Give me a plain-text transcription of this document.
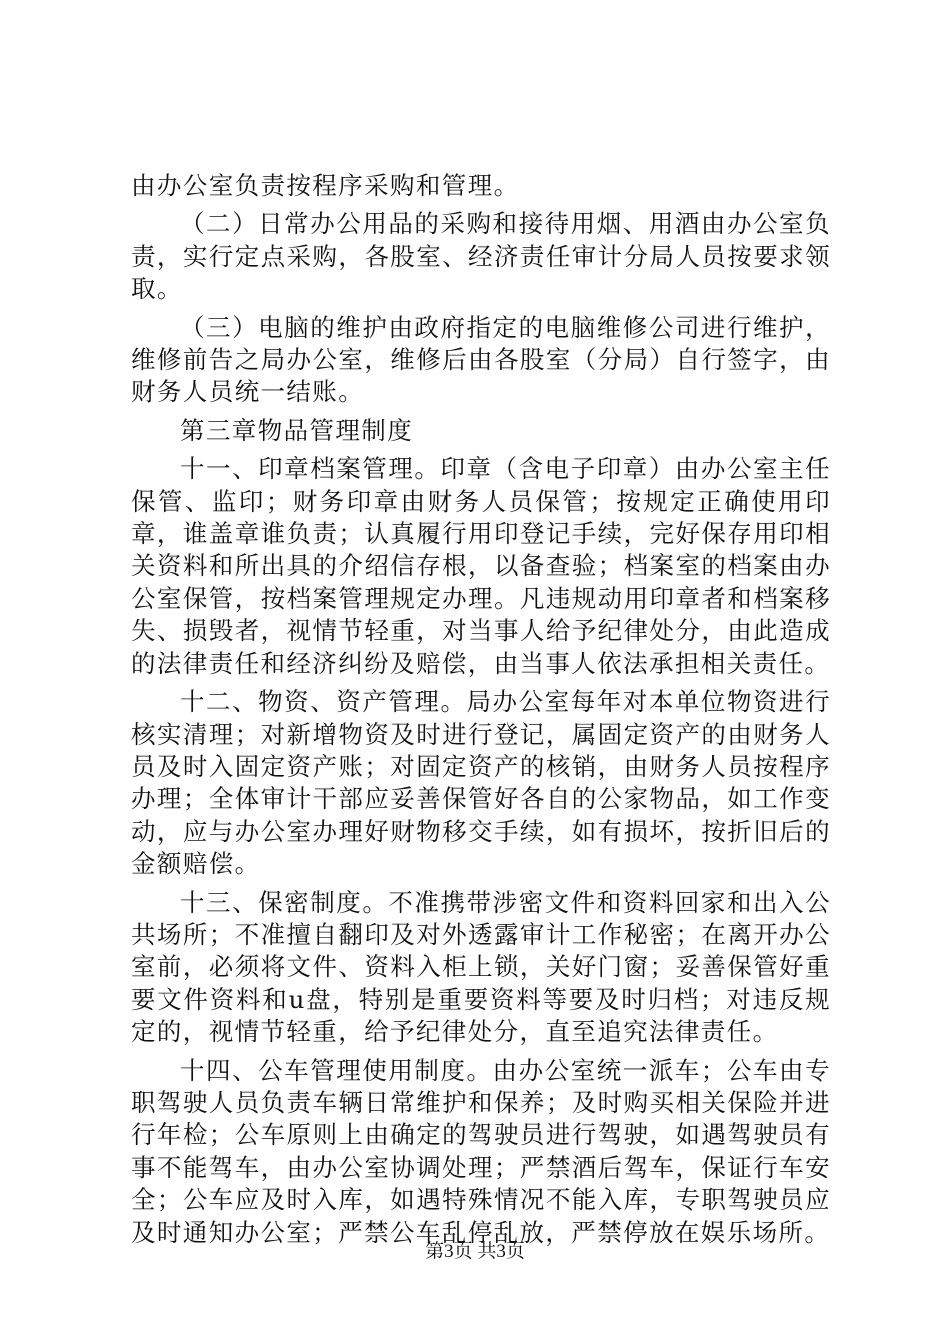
由办公室负责按程序采购和管理。

（二）日常办公用品的采购和接待用烟、用酒由办公室负责，实行定点采购，各股室、经济责任审计分局人员按要求领取。

（三）电脑的维护由政府指定的电脑维修公司进行维护，维修前告之局办公室，维修后由各股室（分局）自行签字，由财务人员统一结账。

第三章物品管理制度

十一、印章档案管理。印章（含电子印章）由办公室主任保管、监印；财务印章由财务人员保管；按规定正确使用印章，谁盖章谁负责；认真履行用印登记手续，完好保存用印相关资料和所出具的介绍信存根，以备查验；档案室的档案由办公室保管，按档案管理规定办理。凡违规动用印章者和档案移失、损毁者，视情节轻重，对当事人给予纪律处分，由此造成的法律责任和经济纠纷及赔偿，由当事人依法承担相关责任。

十二、物资、资产管理。局办公室每年对本单位物资进行核实清理；对新增物资及时进行登记，属固定资产的由财务人员及时入固定资产账；对固定资产的核销，由财务人员按程序办理；全体审计干部应妥善保管好各自的公家物品，如工作变动，应与办公室办理好财物移交手续，如有损坏，按折旧后的金额赔偿。

十三、保密制度。不准携带涉密文件和资料回家和出入公共场所；不准擅自翻印及对外透露审计工作秘密；在离开办公室前，必须将文件、资料入柜上锁，关好门窗；妥善保管好重要文件资料和u盘，特别是重要资料等要及时归档；对违反规定的，视情节轻重，给予纪律处分，直至追究法律责任。

十四、公车管理使用制度。由办公室统一派车；公车由专职驾驶人员负责车辆日常维护和保养；及时购买相关保险并进行年检；公车原则上由确定的驾驶员进行驾驶，如遇驾驶员有事不能驾车，由办公室协调处理；严禁酒后驾车，保证行车安全；公车应及时入库，如遇特殊情况不能入库，专职驾驶员应及时通知办公室；严禁公车乱停乱放，严禁停放在娱乐场所。

第3页 共3页
